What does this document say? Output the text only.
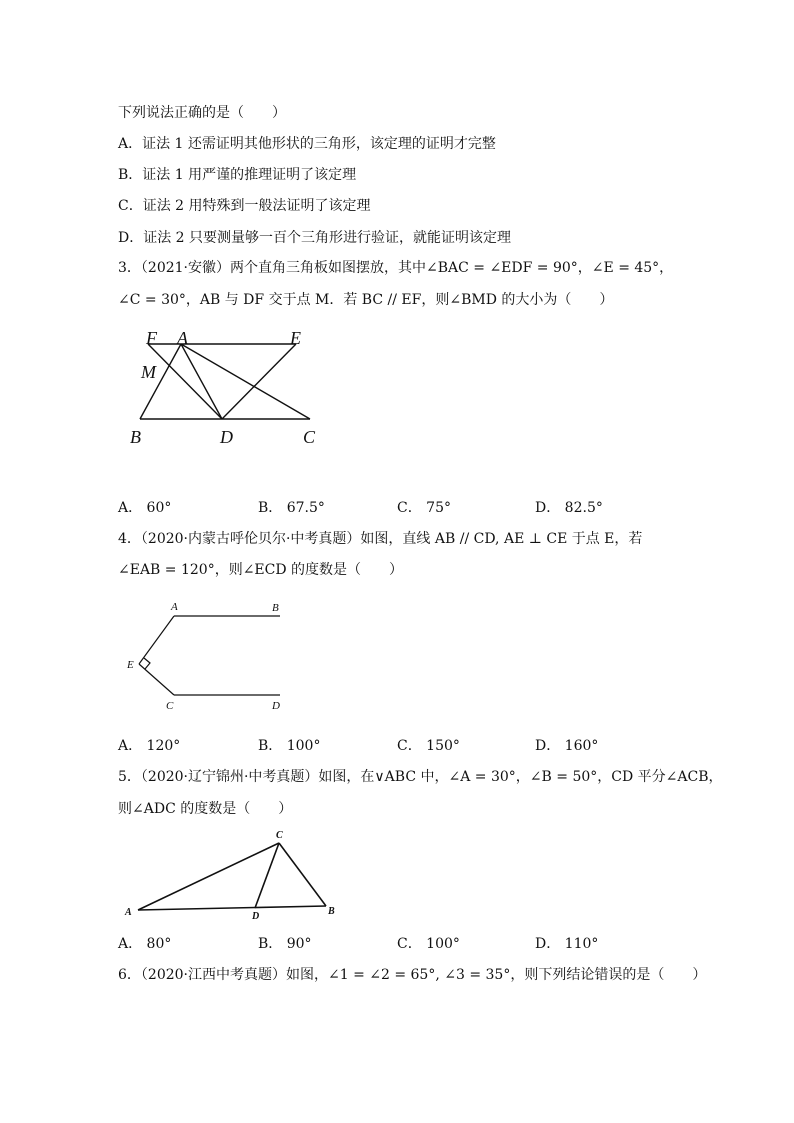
下列说法正确的是（　　）
A．证法 1 还需证明其他形状的三角形，该定理的证明才完整
B．证法 1 用严谨的推理证明了该定理
C．证法 2 用特殊到一般法证明了该定理
D．证法 2 只要测量够一百个三角形进行验证，就能证明该定理
3．（2021·安徽）两个直角三角板如图摆放，其中∠BAC = ∠EDF = 90°，∠E = 45°，
∠C = 30°，AB 与 DF 交于点 M．若 BC // EF，则∠BMD 的大小为（　　）
F A	E
M
B	D	C
A． 60°	B． 67.5°	C． 75°	D． 82.5°
4．（2020·内蒙古呼伦贝尔·中考真题）如图，直线 AB // CD, AE ⊥ CE 于点 E，若
∠EAB = 120°，则∠ECD 的度数是（　　）
A	B
E
C	D
A． 120°	B． 100°	C． 150°	D． 160°
5．（2020·辽宁锦州·中考真题）如图，在∨ABC 中，∠A = 30°，∠B = 50°，CD 平分∠ACB，
则∠ADC 的度数是（　　）
C
A	D	B
A． 80°	B． 90°	C． 100°	D． 110°
6．（2020·江西中考真题）如图，∠1 = ∠2 = 65°, ∠3 = 35°，则下列结论错误的是（　　）
